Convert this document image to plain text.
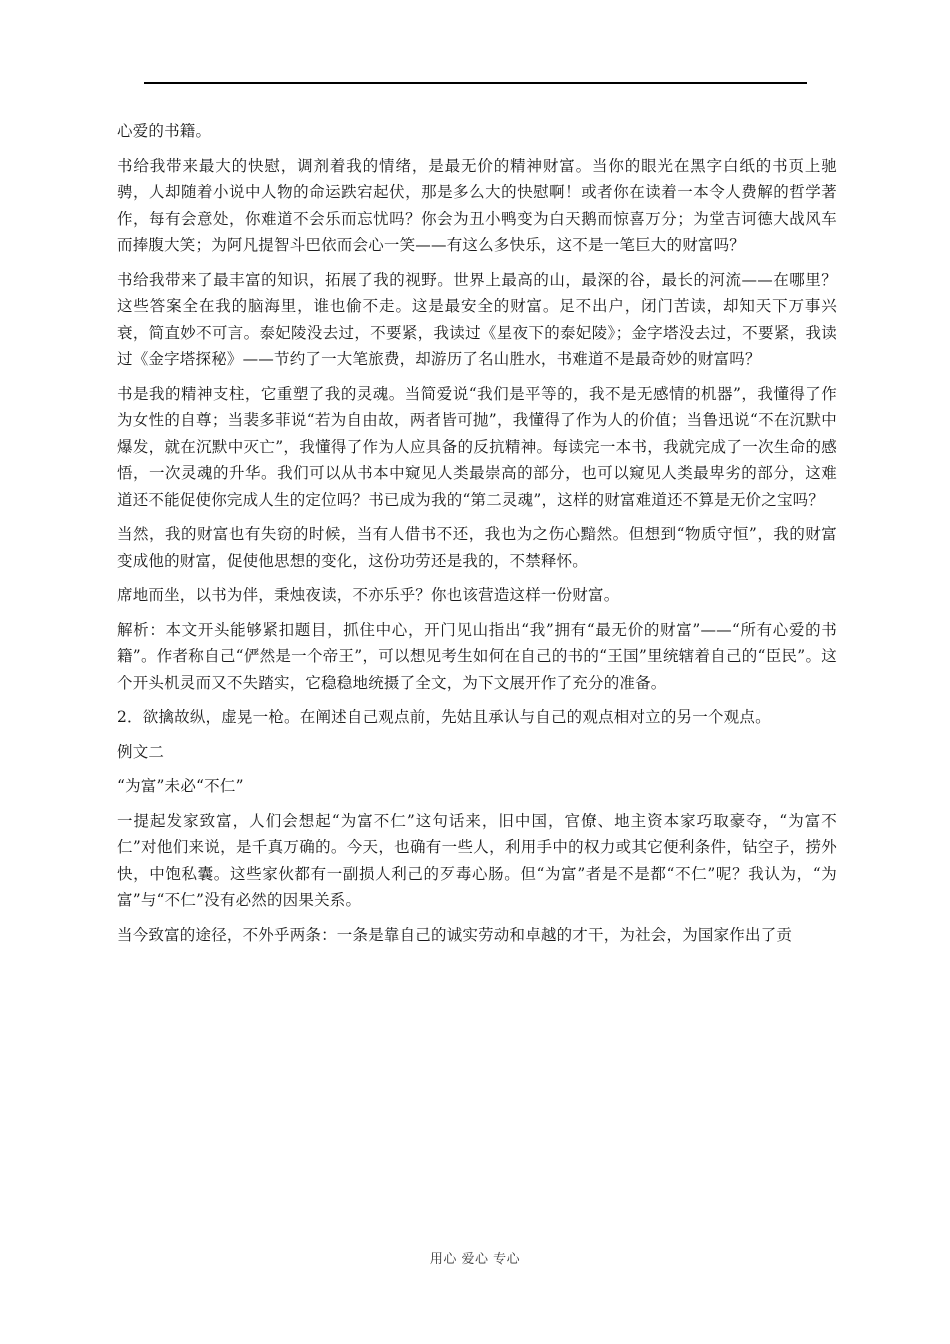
心爱的书籍。

书给我带来最大的快慰，调剂着我的情绪，是最无价的精神财富。当你的眼光在黑字白纸的书页上驰骋，人却随着小说中人物的命运跌宕起伏，那是多么大的快慰啊！或者你在读着一本令人费解的哲学著作，每有会意处，你难道不会乐而忘忧吗？你会为丑小鸭变为白天鹅而惊喜万分；为堂吉诃德大战风车而捧腹大笑；为阿凡提智斗巴依而会心一笑——有这么多快乐，这不是一笔巨大的财富吗？

书给我带来了最丰富的知识，拓展了我的视野。世界上最高的山，最深的谷，最长的河流——在哪里？这些答案全在我的脑海里，谁也偷不走。这是最安全的财富。足不出户，闭门苦读，却知天下万事兴衰，简直妙不可言。泰妃陵没去过，不要紧，我读过《星夜下的泰妃陵》；金字塔没去过，不要紧，我读过《金字塔探秘》——节约了一大笔旅费，却游历了名山胜水，书难道不是最奇妙的财富吗？

书是我的精神支柱，它重塑了我的灵魂。当简爱说“我们是平等的，我不是无感情的机器”，我懂得了作为女性的自尊；当裴多菲说“若为自由故，两者皆可抛”，我懂得了作为人的价值；当鲁迅说“不在沉默中爆发，就在沉默中灭亡”，我懂得了作为人应具备的反抗精神。每读完一本书，我就完成了一次生命的感悟，一次灵魂的升华。我们可以从书本中窥见人类最崇高的部分，也可以窥见人类最卑劣的部分，这难道还不能促使你完成人生的定位吗？书已成为我的“第二灵魂”，这样的财富难道还不算是无价之宝吗？

当然，我的财富也有失窃的时候，当有人借书不还，我也为之伤心黯然。但想到“物质守恒”，我的财富变成他的财富，促使他思想的变化，这份功劳还是我的，不禁释怀。

席地而坐，以书为伴，秉烛夜读，不亦乐乎？你也该营造这样一份财富。

解析：本文开头能够紧扣题目，抓住中心，开门见山指出“我”拥有“最无价的财富”——“所有心爱的书籍”。作者称自己“俨然是一个帝王”，可以想见考生如何在自己的书的“王国”里统辖着自己的“臣民”。这个开头机灵而又不失踏实，它稳稳地统摄了全文，为下文展开作了充分的准备。

2．欲擒故纵，虚晃一枪。在阐述自己观点前，先姑且承认与自己的观点相对立的另一个观点。

例文二

“为富”未必“不仁”

一提起发家致富，人们会想起“为富不仁”这句话来，旧中国，官僚、地主资本家巧取豪夺，“为富不仁”对他们来说，是千真万确的。今天，也确有一些人，利用手中的权力或其它便利条件，钻空子，捞外快，中饱私囊。这些家伙都有一副损人利己的歹毒心肠。但“为富”者是不是都“不仁”呢？我认为，“为富”与“不仁”没有必然的因果关系。

当今致富的途径，不外乎两条：一条是靠自己的诚实劳动和卓越的才干，为社会，为国家作出了贡

用心 爱心 专心
